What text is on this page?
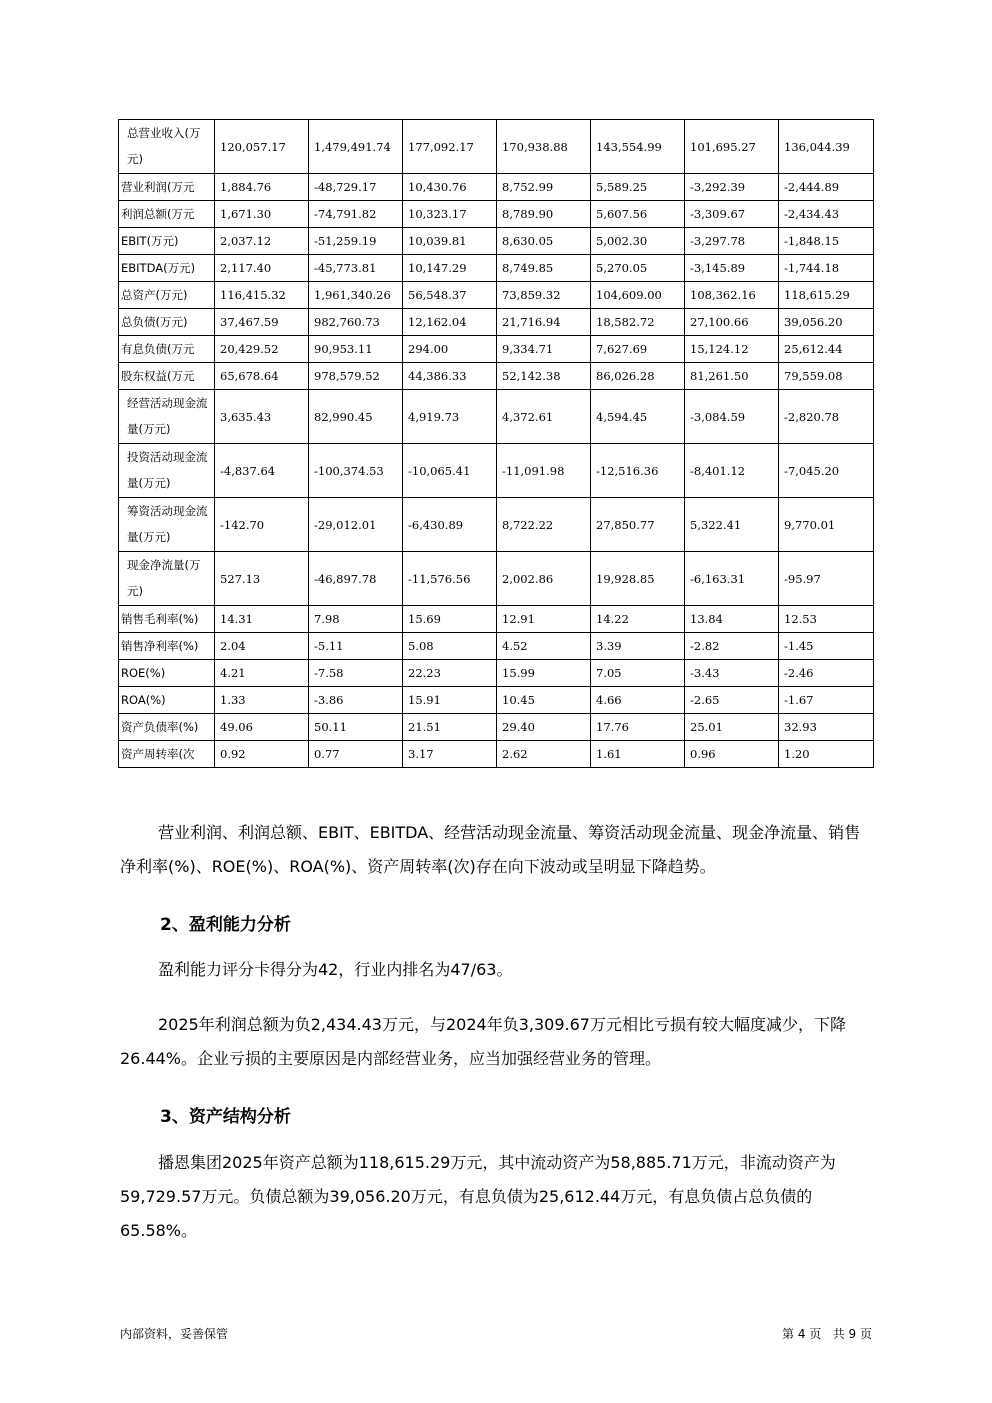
总营业收入(万元)	120,057.17	1,479,491.74	177,092.17	170,938.88	143,554.99	101,695.27	136,044.39
营业利润(万元	1,884.76	-48,729.17	10,430.76	8,752.99	5,589.25	-3,292.39	-2,444.89
利润总额(万元	1,671.30	-74,791.82	10,323.17	8,789.90	5,607.56	-3,309.67	-2,434.43
EBIT(万元)	2,037.12	-51,259.19	10,039.81	8,630.05	5,002.30	-3,297.78	-1,848.15
EBITDA(万元)	2,117.40	-45,773.81	10,147.29	8,749.85	5,270.05	-3,145.89	-1,744.18
总资产(万元)	116,415.32	1,961,340.26	56,548.37	73,859.32	104,609.00	108,362.16	118,615.29
总负债(万元)	37,467.59	982,760.73	12,162.04	21,716.94	18,582.72	27,100.66	39,056.20
有息负债(万元	20,429.52	90,953.11	294.00	9,334.71	7,627.69	15,124.12	25,612.44
股东权益(万元	65,678.64	978,579.52	44,386.33	52,142.38	86,026.28	81,261.50	79,559.08
经营活动现金流量(万元)	3,635.43	82,990.45	4,919.73	4,372.61	4,594.45	-3,084.59	-2,820.78
投资活动现金流量(万元)	-4,837.64	-100,374.53	-10,065.41	-11,091.98	-12,516.36	-8,401.12	-7,045.20
筹资活动现金流量(万元)	-142.70	-29,012.01	-6,430.89	8,722.22	27,850.77	5,322.41	9,770.01
现金净流量(万元)	527.13	-46,897.78	-11,576.56	2,002.86	19,928.85	-6,163.31	-95.97
销售毛利率(%)	14.31	7.98	15.69	12.91	14.22	13.84	12.53
销售净利率(%)	2.04	-5.11	5.08	4.52	3.39	-2.82	-1.45
ROE(%)	4.21	-7.58	22.23	15.99	7.05	-3.43	-2.46
ROA(%)	1.33	-3.86	15.91	10.45	4.66	-2.65	-1.67
资产负债率(%)	49.06	50.11	21.51	29.40	17.76	25.01	32.93
资产周转率(次	0.92	0.77	3.17	2.62	1.61	0.96	1.20

营业利润、利润总额、EBIT、EBITDA、经营活动现金流量、筹资活动现金流量、现金净流量、销售净利率(%)、ROE(%)、ROA(%)、资产周转率(次)存在向下波动或呈明显下降趋势。

2、盈利能力分析

盈利能力评分卡得分为42，行业内排名为47/63。

2025年利润总额为负2,434.43万元，与2024年负3,309.67万元相比亏损有较大幅度减少，下降26.44%。企业亏损的主要原因是内部经营业务，应当加强经营业务的管理。

3、资产结构分析

播恩集团2025年资产总额为118,615.29万元，其中流动资产为58,885.71万元，非流动资产为59,729.57万元。负债总额为39,056.20万元，有息负债为25,612.44万元，有息负债占总负债的65.58%。

内部资料，妥善保管	第 4 页   共 9 页
